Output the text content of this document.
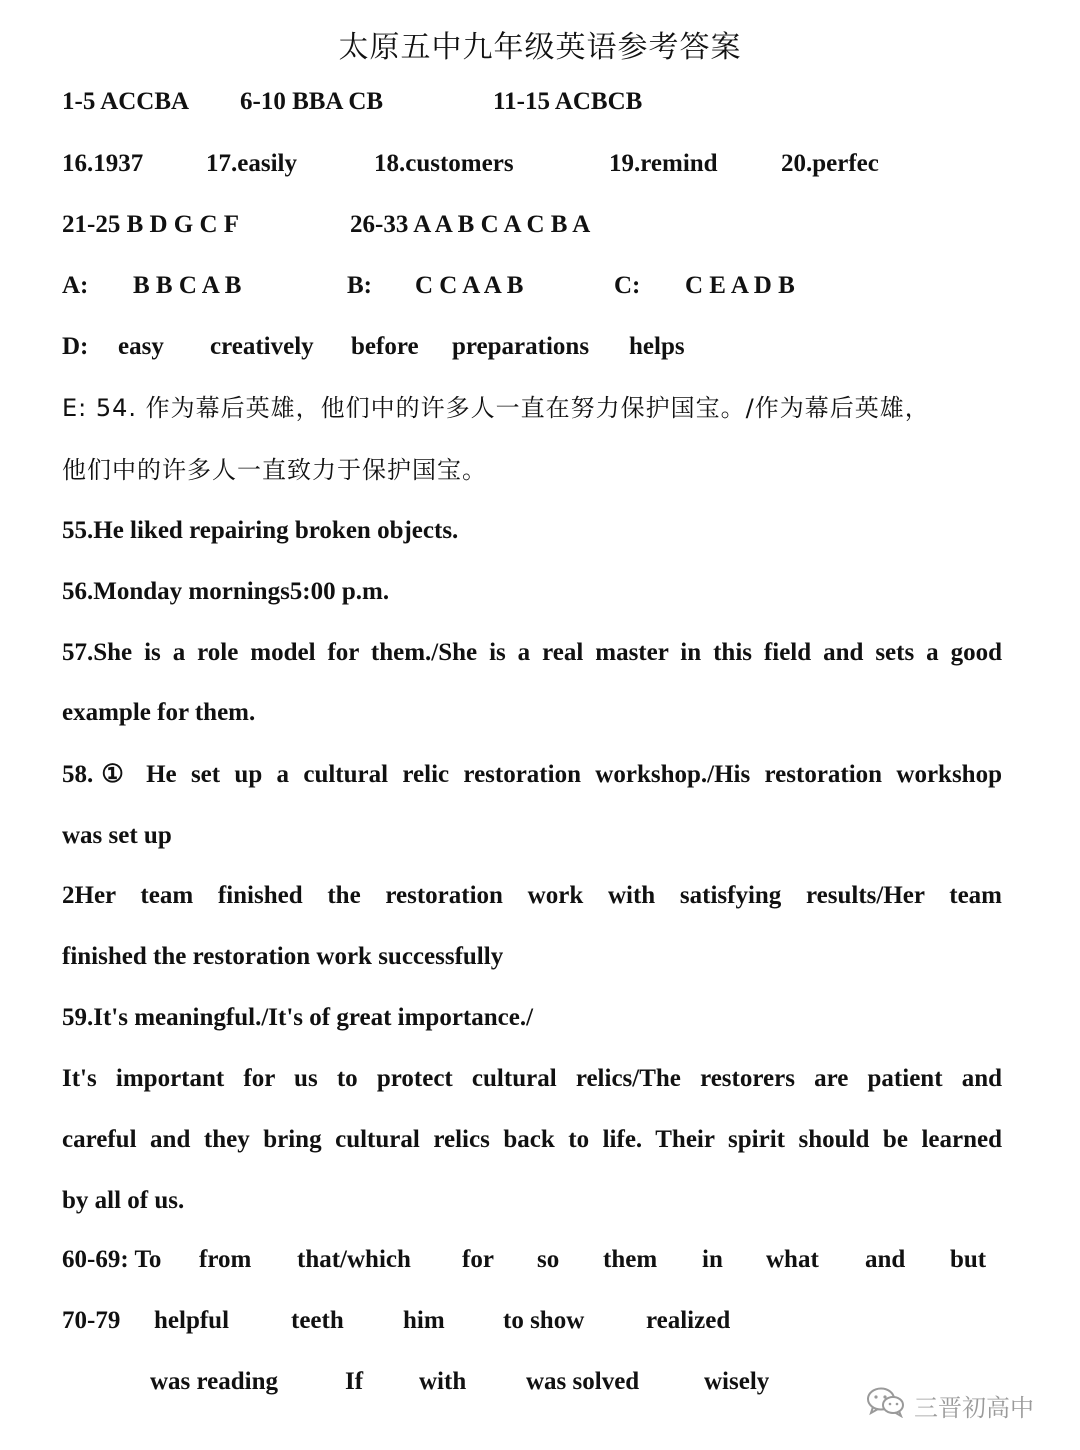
太原五中九年级英语参考答案
1-5 ACCBA 6-10 BBA CB	11-15 ACBCB
16.1937	17.easily	18.customers	19.remind	20.perfec
21-25 B D G C F	26-33 A A B C A C B A
A: B B C A B	B: C C A A B	C: C E A D B
D: easy creatively before preparations helps
E: 54. 作为幕后英雄，他们中的许多人一直在努力保护国宝。/作为幕后英雄，
他们中的许多人一直致力于保护国宝。
55.He liked repairing broken objects.
56.Monday mornings5:00 p.m.
57.She is a role model for them./She is a real master in this field and sets a good
example for them.
58.① He set up a cultural relic restoration workshop./His restoration workshop
was set up
2Her team finished the restoration work with satisfying results/Her team
finished the restoration work successfully
59.It's meaningful./It's of great importance./
It's important for us to protect cultural relics/The restorers are patient and
careful and they bring cultural relics back to life. Their spirit should be learned
by all of us.
60-69: To from that/which for so them in what and but
70-79 helpful teeth him to show realized
was reading	If with was solved	wisely
三晋初高中
